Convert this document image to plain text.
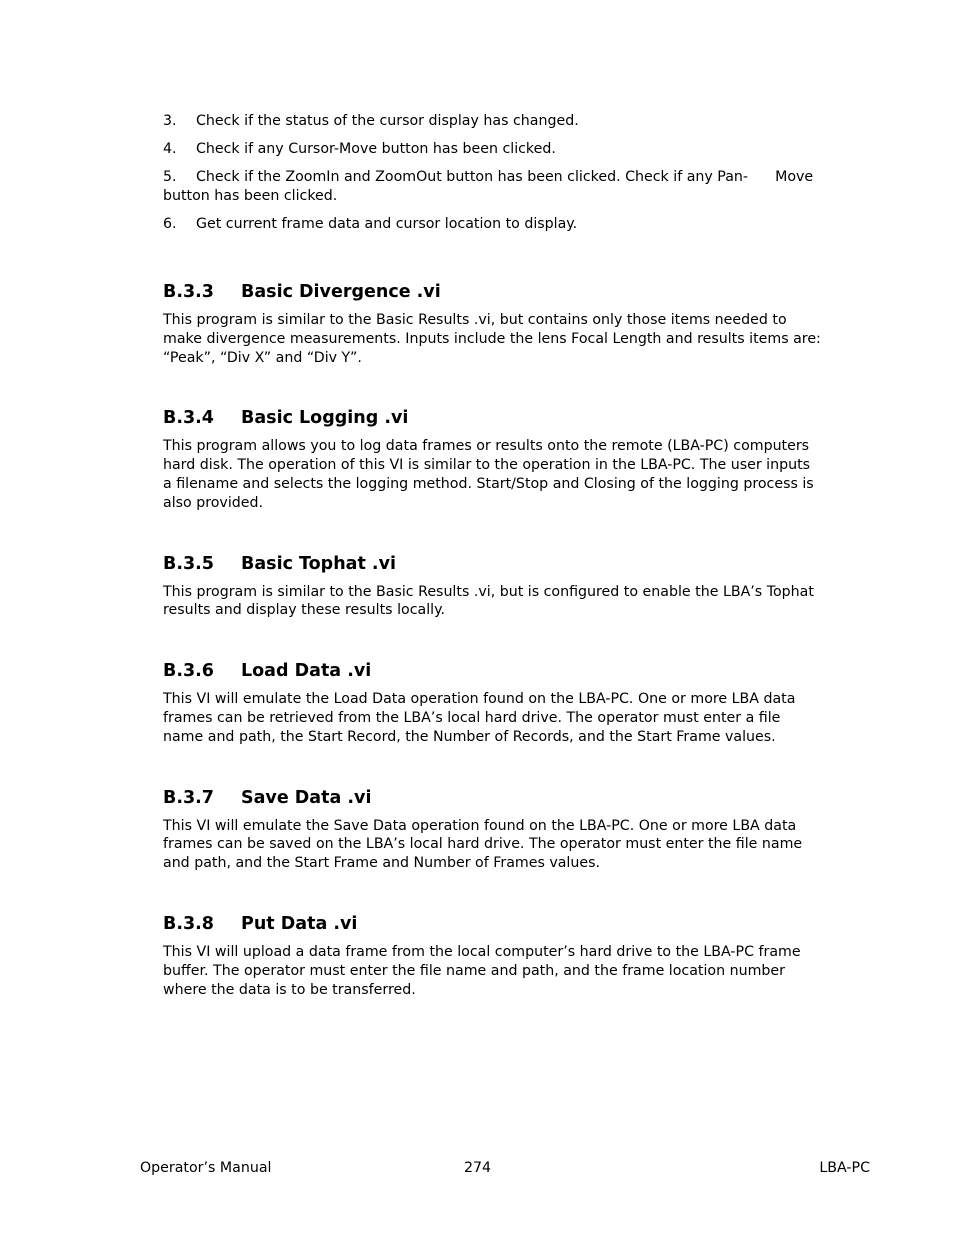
3. Check if the status of the cursor display has changed.
4. Check if any Cursor-Move button has been clicked.
5. Check if the ZoomIn and ZoomOut button has been clicked. Check if any Pan-      Move button has been clicked.
6. Get current frame data and cursor location to display.
B.3.3 Basic Divergence .vi

This program is similar to the Basic Results .vi, but contains only those items needed to make divergence measurements. Inputs include the lens Focal Length and results items are: “Peak”, “Div X” and “Div Y”.

B.3.4 Basic Logging .vi

This program allows you to log data frames or results onto the remote (LBA-PC) computers hard disk. The operation of this VI is similar to the operation in the LBA-PC. The user inputs a filename and selects the logging method. Start/Stop and Closing of the logging process is also provided.

B.3.5 Basic Tophat .vi

This program is similar to the Basic Results .vi, but is configured to enable the LBA’s Tophat results and display these results locally.

B.3.6 Load Data .vi

This VI will emulate the Load Data operation found on the LBA-PC. One or more LBA data frames can be retrieved from the LBA’s local hard drive. The operator must enter a file name and path, the Start Record, the Number of Records, and the Start Frame values.

B.3.7 Save Data .vi

This VI will emulate the Save Data operation found on the LBA-PC. One or more LBA data frames can be saved on the LBA’s local hard drive. The operator must enter the file name and path, and the Start Frame and Number of Frames values.

B.3.8 Put Data .vi

This VI will upload a data frame from the local computer’s hard drive to the LBA-PC frame buffer. The operator must enter the file name and path, and the frame location number where the data is to be transferred.

Operator’s Manual	274	LBA-PC
